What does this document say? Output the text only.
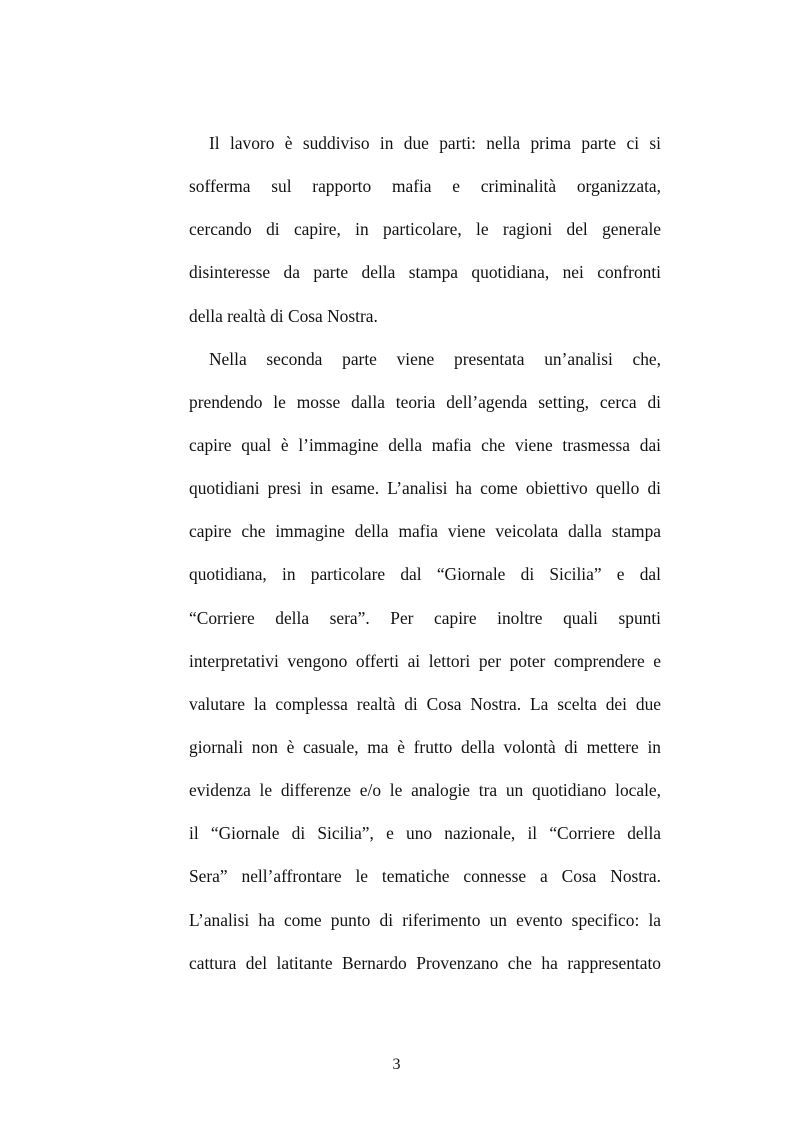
Il lavoro è suddiviso in due parti: nella prima parte ci si
sofferma sul rapporto mafia e criminalità organizzata,
cercando di capire, in particolare, le ragioni del generale
disinteresse da parte della stampa quotidiana, nei confronti
della realtà di Cosa Nostra.
Nella seconda parte viene presentata un’analisi che,
prendendo le mosse dalla teoria dell’agenda setting, cerca di
capire qual è l’immagine della mafia che viene trasmessa dai
quotidiani presi in esame. L’analisi ha come obiettivo quello di
capire che immagine della mafia viene veicolata dalla stampa
quotidiana, in particolare dal “Giornale di Sicilia” e dal
“Corriere della sera”. Per capire inoltre quali spunti
interpretativi vengono offerti ai lettori per poter comprendere e
valutare la complessa realtà di Cosa Nostra. La scelta dei due
giornali non è casuale, ma è frutto della volontà di mettere in
evidenza le differenze e/o le analogie tra un quotidiano locale,
il “Giornale di Sicilia”, e uno nazionale, il “Corriere della
Sera” nell’affrontare le tematiche connesse a Cosa Nostra.
L’analisi ha come punto di riferimento un evento specifico: la
cattura del latitante Bernardo Provenzano che ha rappresentato
3
